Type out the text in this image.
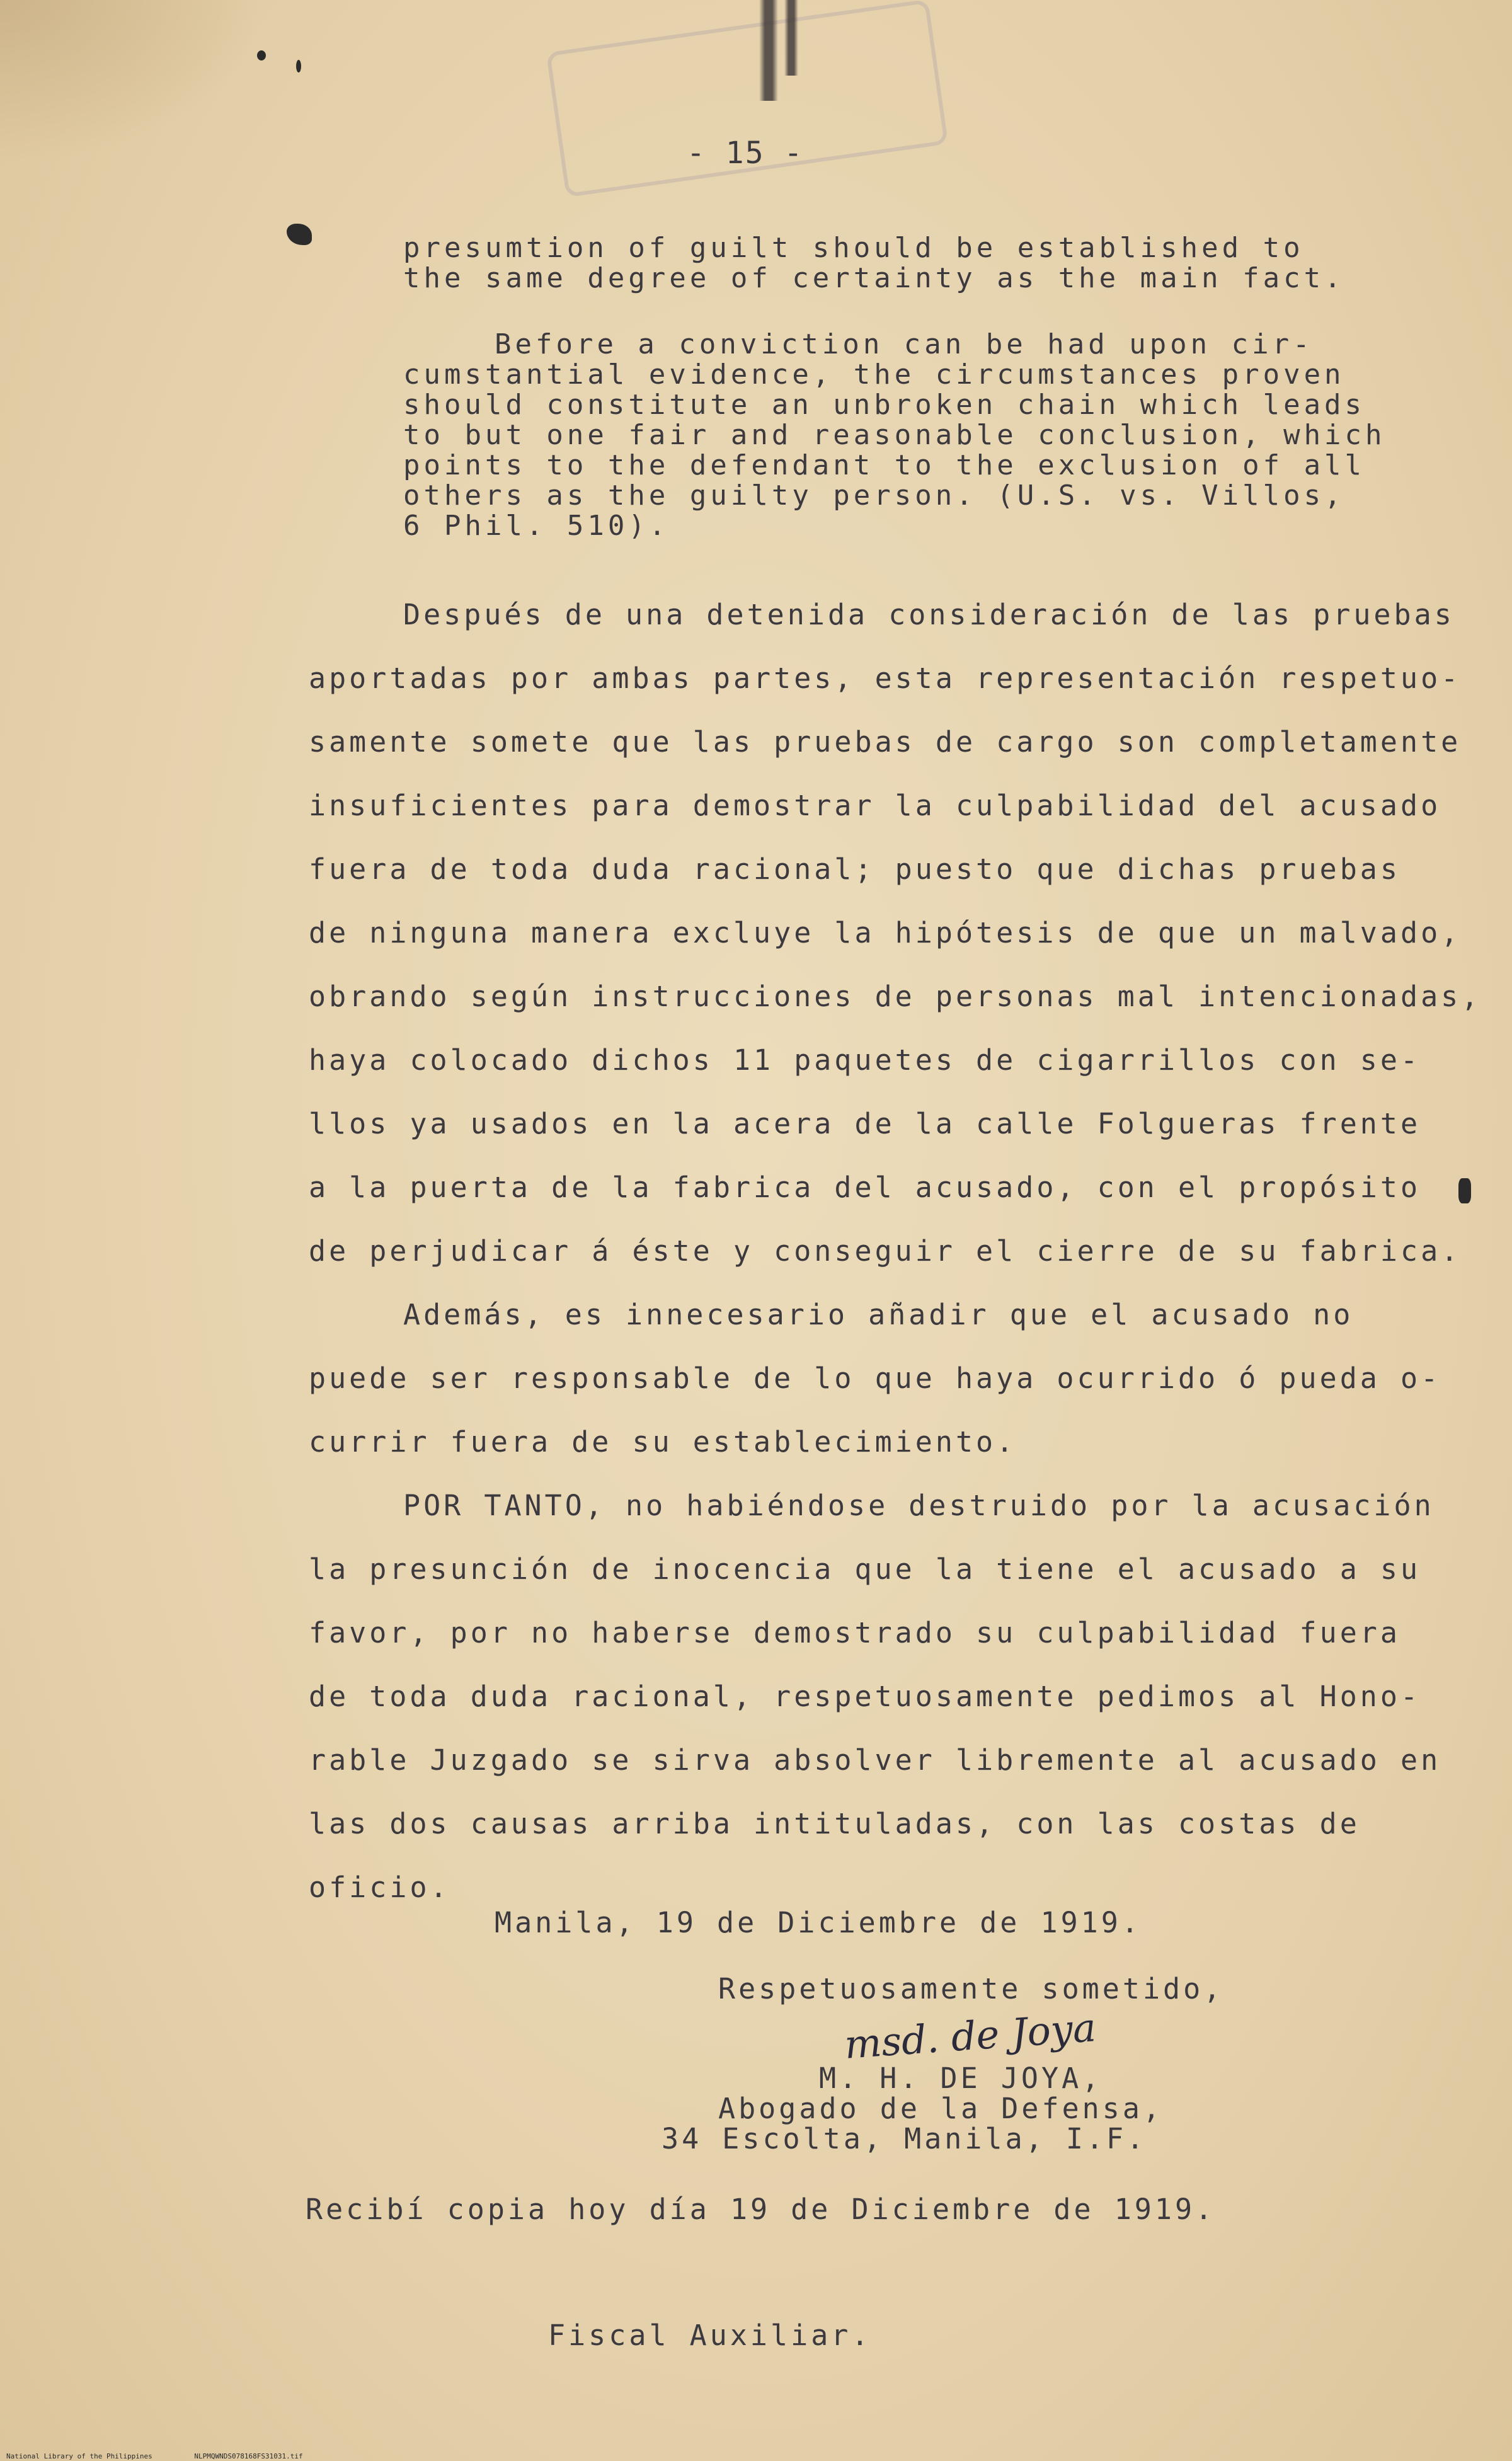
- 15 -
presumtion of guilt should be established to
the same degree of certainty as the main fact.
Before a conviction can be had upon cir-
cumstantial evidence, the circumstances proven
should constitute an unbroken chain which leads
to but one fair and reasonable conclusion, which
points to the defendant to the exclusion of all
others as the guilty person. (U.S. vs. Villos,
6 Phil. 510).
Después de una detenida consideración de las pruebas
aportadas por ambas partes, esta representación respetuo-
samente somete que las pruebas de cargo son completamente
insuficientes para demostrar la culpabilidad del acusado
fuera de toda duda racional; puesto que dichas pruebas
de ninguna manera excluye la hipótesis de que un malvado,
obrando según instrucciones de personas mal intencionadas,
haya colocado dichos 11 paquetes de cigarrillos con se-
llos ya usados en la acera de la calle Folgueras frente
a la puerta de la fabrica del acusado, con el propósito
de perjudicar á éste y conseguir el cierre de su fabrica.
Además, es innecesario añadir que el acusado no
puede ser responsable de lo que haya ocurrido ó pueda o-
currir fuera de su establecimiento.
POR TANTO, no habiéndose destruido por la acusación
la presunción de inocencia que la tiene el acusado a su
favor, por no haberse demostrado su culpabilidad fuera
de toda duda racional, respetuosamente pedimos al Hono-
rable Juzgado se sirva absolver libremente al acusado en
las dos causas arriba intituladas, con las costas de
oficio.
Manila, 19 de Diciembre de 1919.
Respetuosamente sometido,
msd. de Joya
M. H. DE JOYA,
Abogado de la Defensa,
34 Escolta, Manila, I.F.
Recibí copia hoy día 19 de Diciembre de 1919.
Fiscal Auxiliar.
National Library of the Philippines	NLPMQWNDS078168FS31031.tif
